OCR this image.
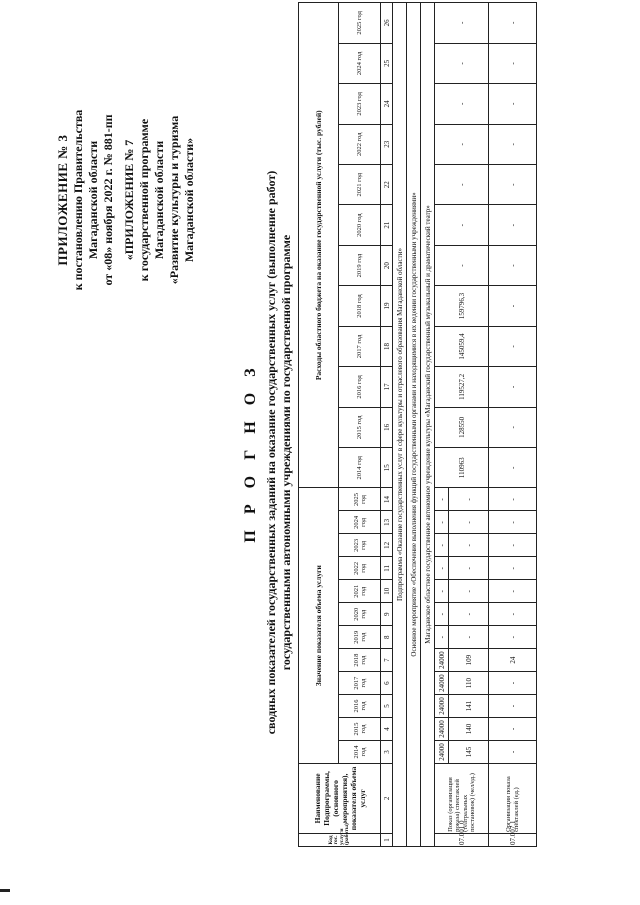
ПРИЛОЖЕНИЕ № 3 к постановлению Правительства Магаданской области от «08» ноября 2022 г. № 881-пп «ПРИЛОЖЕНИЕ № 7 к государственной программе Магаданской области «Развитие культуры и туризма Магаданской области»
П Р О Г Н О З сводных показателей государственных заданий на оказание государственных услуг (выполнение работ) государственными автономными учреждениями по государственной программе
Код гос. услуги (работы)	Наименование Подпрограммы, (основного мероприятия), показателя объема услуг	Значение показателя объема услуги												Расходы областного бюджета на оказание государственной услуги (тыс. рублей)											
		2014 год	2015 год	2016 год	2017 год	2018 год	2019 год	2020 год	2021 год	2022 год	2023 год	2024 год	2025 год	2014 год	2015 год	2016 год	2017 год	2018 год	2019 год	2020 год	2021 год	2022 год	2023 год	2024 год	2025 год
1	2	3	4	5	6	7	8	9	10	11	12	13	14	15	16	17	18	19	20	21	22	23	24	25	26
Подпрограмма «Оказание государственных услуг в сфере культуры и отраслевого образования Магаданской области»																									
Основное мероприятие «Обеспечение выполнения функций государственными органами и находящимися в их ведении государственными учреждениями»																									
Магаданское областное государственное автономное учреждение культуры «Магаданский государственный музыкальный и драматический театр»																									
07.001.0	Показ (организация показа) спектаклей (театральных постановок) (чел/ед.)	24000	24000	24000	24000	24000	-	-	-	-	-	-	-	110963	128550	119527,2	145059,4	159796,3	-	-	-	-	-	-	-
		145	140	141	110	109	-	-	-	-	-	-	-												
07.007.1	Организация показа спектаклей (ед.)	-	-	-	-	24	-	-	-	-	-	-	-	-	-	-	-	-	-	-	-	-	-	-	-
